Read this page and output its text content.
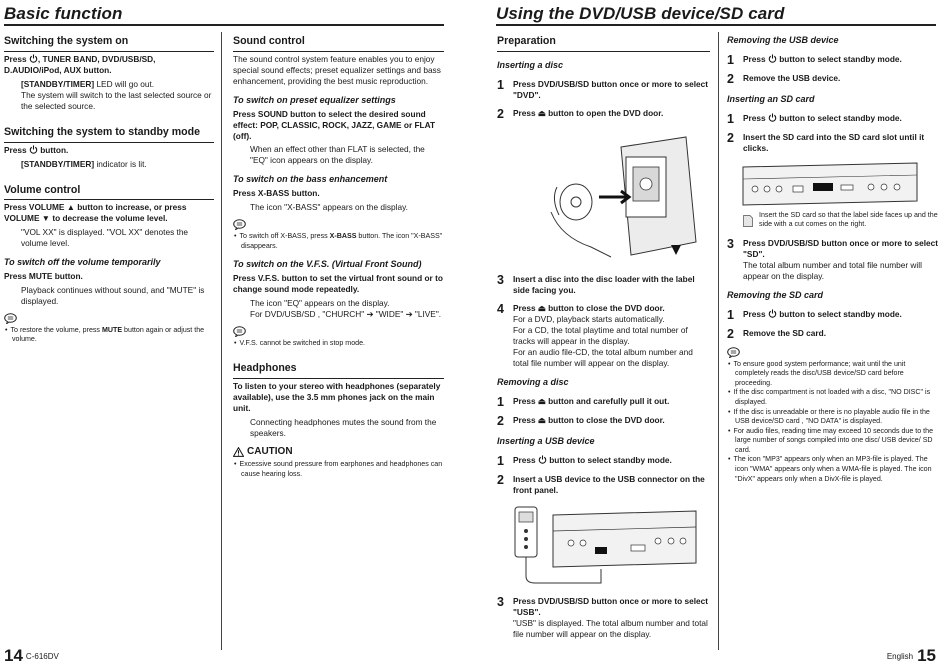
Basic function
Switching the system on

Press , TUNER BAND, DVD/USB/SD, D.AUDIO/iPod, AUX button.

[STANDBY/TIMER] LED will go out.
The system will switch to the last selected source or the selected source.
Switching the system to standby mode

Press  button.

[STANDBY/TIMER] indicator is lit.
Volume control

Press VOLUME ▲ button to increase, or press VOLUME ▼ to decrease the volume level.

"VOL XX" is displayed. "VOL XX" denotes the volume level.
To switch off the volume temporarily

Press MUTE button.

Playback continues without sound, and "MUTE" is displayed.
• To restore the volume, press MUTE button again or adjust the volume.
Sound control
The sound control system feature enables you to enjoy special sound effects; preset equalizer settings and bass enhancement, providing the best music reproduction.
To switch on preset equalizer settings

Press SOUND button to select the desired sound effect: POP, CLASSIC, ROCK, JAZZ, GAME or FLAT (off).

When an effect other than FLAT is selected, the "EQ" icon appears on the display.
To switch on the bass enhancement

Press X-BASS button.

The icon "X-BASS" appears on the display.
• To switch off X-BASS, press X-BASS button. The icon "X-BASS" disappears.
To switch on the V.F.S. (Virtual Front Sound)

Press V.F.S. button to set the virtual front sound or to change sound mode repeatedly.

The icon "EQ" appears on the display.
For DVD/USB/SD , "CHURCH" ➔ "WIDE" ➔ "LIVE".
• V.F.S. cannot be switched in stop mode.
Headphones

To listen to your stereo with headphones (separately available), use the 3.5 mm phones jack on the main unit.

Connecting headphones mutes the sound from the speakers.
CAUTION
• Excessive sound pressure from earphones and headphones can cause hearing loss.
14 C-616DV
Using the DVD/USB device/SD card
Preparation
Inserting a disc
1	Press DVD/USB/SD button once or more to select "DVD".

2	Press ⏏ button to open the DVD door.

3	Insert a disc into the disc loader with the label side facing you.

4	Press ⏏ button to close the DVD door.

For a DVD, playback starts automatically.
For a CD, the total playtime and total number of tracks will appear in the display.
For an audio file-CD, the total album number and total file number will appear on the display.
Removing a disc
1	Press ⏏ button and carefully pull it out.

2	Press ⏏ button to close the DVD door.

Inserting a USB device
1	Press  button to select standby mode.

2	Insert a USB device to the USB connector on the front panel.

3	Press DVD/USB/SD button once or more to select "USB".

"USB" is displayed. The total album number and total file number will appear on the display.
Removing the USB device
1	Press  button to select standby mode.

2	Remove the USB device.

Inserting an SD card
1	Press  button to select standby mode.

2	Insert the SD card into the SD card slot until it clicks.

Insert the SD card so that the label side faces up and the side with a cut comes on the right.
3	Press DVD/USB/SD button once or more to select "SD".

The total album number and total file number will appear on the display.
Removing the SD card
1	Press  button to select standby mode.

2	Remove the SD card.

• To ensure good system performance; wait until the unit completely reads the disc/USB device/SD card before proceeding.
• If the disc compartment is not loaded with a disc, "NO DISC" is displayed.
• If the disc is unreadable or there is no playable audio file in the USB device/SD card , "NO DATA" is displayed.
• For audio files, reading time may exceed 10 seconds due to the large number of songs compiled into one disc/ USB device/ SD card.
• The icon "MP3" appears only when an MP3-file is played. The icon "WMA" appears only when a WMA-file is played. The icon "DivX" appears only when a DivX-file is played.
English 15
